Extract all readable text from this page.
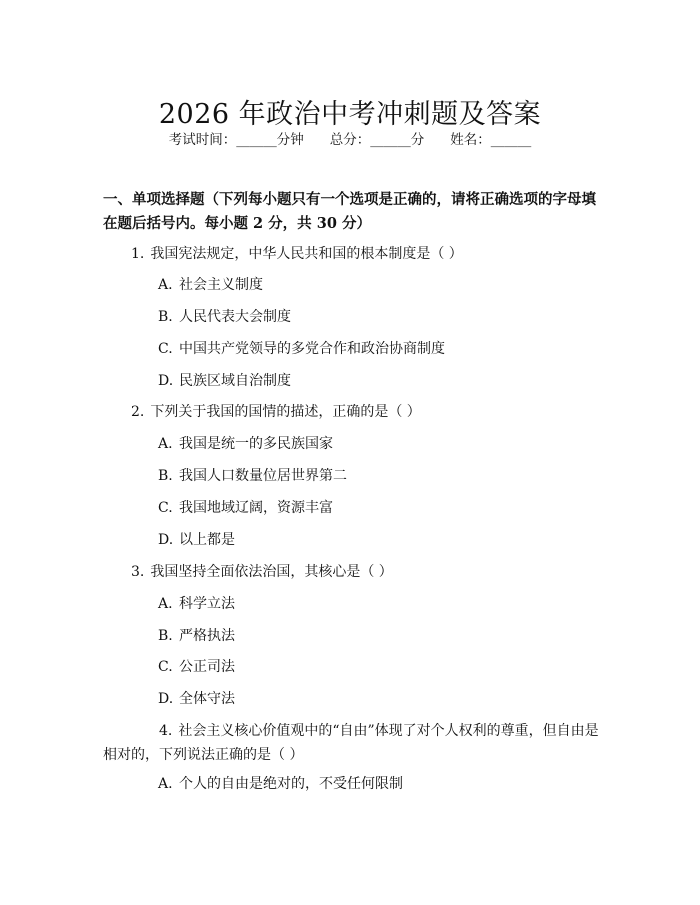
2026 年政治中考冲刺题及答案
考试时间：______分钟 总分：______分 姓名：______
一、单项选择题（下列每小题只有一个选项是正确的，请将正确选项的字母填在题后括号内。每小题 2 分，共 30 分）
1. 我国宪法规定，中华人民共和国的根本制度是（ ）
A. 社会主义制度
B. 人民代表大会制度
C. 中国共产党领导的多党合作和政治协商制度
D. 民族区域自治制度
2. 下列关于我国的国情的描述，正确的是（ ）
A. 我国是统一的多民族国家
B. 我国人口数量位居世界第二
C. 我国地域辽阔，资源丰富
D. 以上都是
3. 我国坚持全面依法治国，其核心是（ ）
A. 科学立法
B. 严格执法
C. 公正司法
D. 全体守法
4. 社会主义核心价值观中的“自由”体现了对个人权利的尊重，但自由是相对的，下列说法正确的是（ ）
A. 个人的自由是绝对的，不受任何限制
